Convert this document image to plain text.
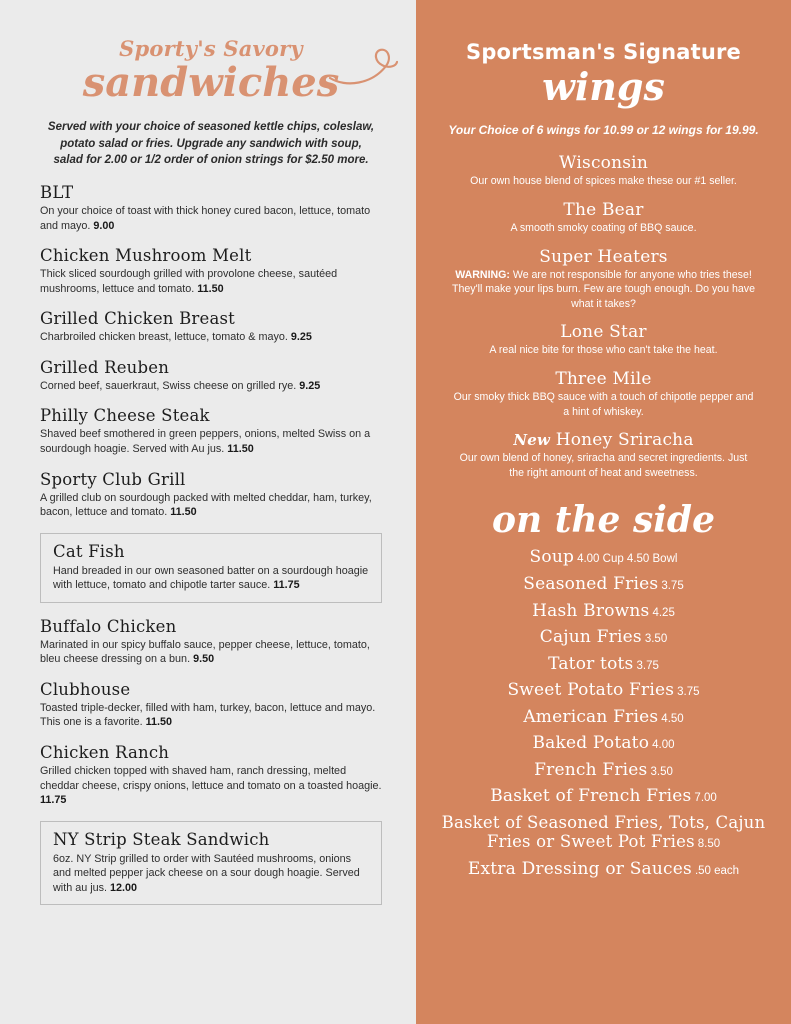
Sporty's Savory
sandwiches
Served with your choice of seasoned kettle chips, coleslaw, potato salad or fries. Upgrade any sandwich with soup, salad for 2.00 or 1/2 order of onion strings for $2.50 more.
BLT
On your choice of toast with thick honey cured bacon, lettuce, tomato and mayo. 9.00
Chicken Mushroom Melt
Thick sliced sourdough grilled with provolone cheese, sautéed mushrooms, lettuce and tomato. 11.50
Grilled Chicken Breast
Charbroiled chicken breast, lettuce, tomato & mayo. 9.25
Grilled Reuben
Corned beef, sauerkraut, Swiss cheese on grilled rye. 9.25
Philly Cheese Steak
Shaved beef smothered in green peppers, onions, melted Swiss on a sourdough hoagie. Served with Au jus. 11.50
Sporty Club Grill
A grilled club on sourdough packed with melted cheddar, ham, turkey, bacon, lettuce and tomato. 11.50
Cat Fish
Hand breaded in our own seasoned batter on a sourdough hoagie with lettuce, tomato and chipotle tarter sauce. 11.75
Buffalo Chicken
Marinated in our spicy buffalo sauce, pepper cheese, lettuce, tomato, bleu cheese dressing on a bun. 9.50
Clubhouse
Toasted triple-decker, filled with ham, turkey, bacon, lettuce and mayo. This one is a favorite. 11.50
Chicken Ranch
Grilled chicken topped with shaved ham, ranch dressing, melted cheddar cheese, crispy onions, lettuce and tomato on a toasted hoagie. 11.75
NY Strip Steak Sandwich
6oz. NY Strip grilled to order with Sautéed mushrooms, onions and melted pepper jack cheese on a sour dough hoagie. Served with au jus. 12.00
Sportsman's Signature
wings
Your Choice of 6 wings for 10.99 or 12 wings for 19.99.
Wisconsin
Our own house blend of spices make these our #1 seller.
The Bear
A smooth smoky coating of BBQ sauce.
Super Heaters
WARNING: We are not responsible for anyone who tries these! They'll make your lips burn. Few are tough enough. Do you have what it takes?
Lone Star
A real nice bite for those who can't take the heat.
Three Mile
Our smoky thick BBQ sauce with a touch of chipotle pepper and a hint of whiskey.
New Honey Sriracha
Our own blend of honey, sriracha and secret ingredients. Just the right amount of heat and sweetness.
on the side
Soup 4.00 Cup 4.50 Bowl
Seasoned Fries 3.75
Hash Browns 4.25
Cajun Fries 3.50
Tator tots 3.75
Sweet Potato Fries 3.75
American Fries 4.50
Baked Potato 4.00
French Fries 3.50
Basket of French Fries 7.00
Basket of Seasoned Fries, Tots, Cajun Fries or Sweet Pot Fries 8.50
Extra Dressing or Sauces .50 each
